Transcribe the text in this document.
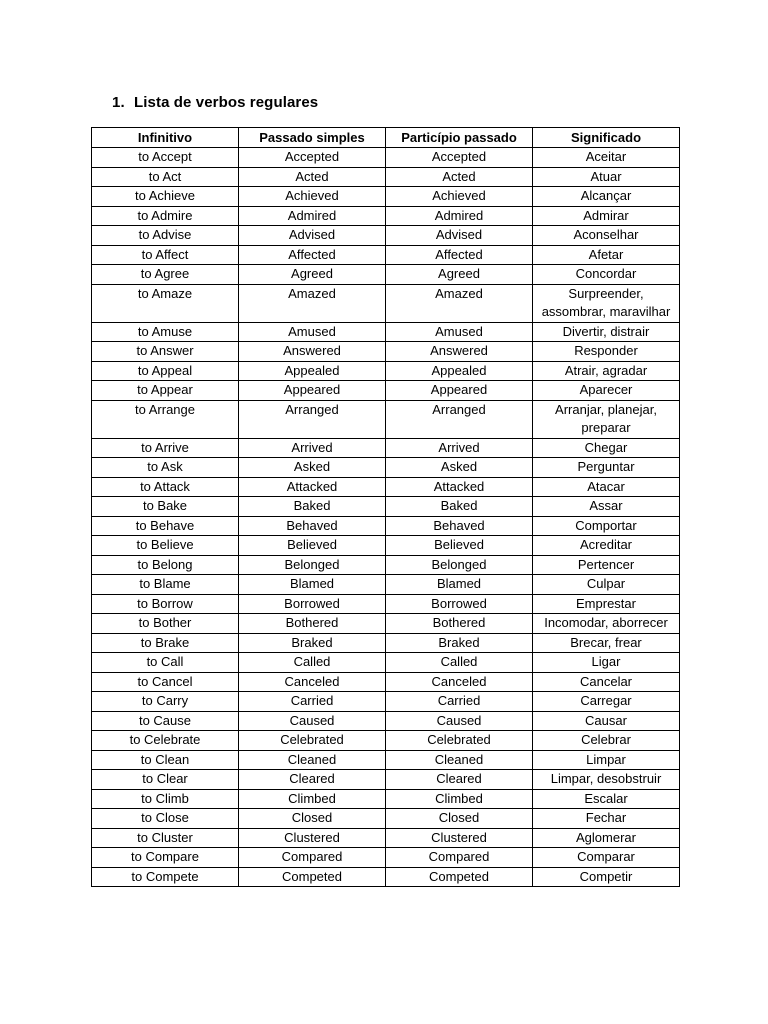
1. Lista de verbos regulares
Infinitivo	Passado simples	Particípio passado	Significado
to Accept	Accepted	Accepted	Aceitar
to Act	Acted	Acted	Atuar
to Achieve	Achieved	Achieved	Alcançar
to Admire	Admired	Admired	Admirar
to Advise	Advised	Advised	Aconselhar
to Affect	Affected	Affected	Afetar
to Agree	Agreed	Agreed	Concordar
to Amaze	Amazed	Amazed	Surpreender, assombrar, maravilhar
to Amuse	Amused	Amused	Divertir, distrair
to Answer	Answered	Answered	Responder
to Appeal	Appealed	Appealed	Atrair, agradar
to Appear	Appeared	Appeared	Aparecer
to Arrange	Arranged	Arranged	Arranjar, planejar, preparar
to Arrive	Arrived	Arrived	Chegar
to Ask	Asked	Asked	Perguntar
to Attack	Attacked	Attacked	Atacar
to Bake	Baked	Baked	Assar
to Behave	Behaved	Behaved	Comportar
to Believe	Believed	Believed	Acreditar
to Belong	Belonged	Belonged	Pertencer
to Blame	Blamed	Blamed	Culpar
to Borrow	Borrowed	Borrowed	Emprestar
to Bother	Bothered	Bothered	Incomodar, aborrecer
to Brake	Braked	Braked	Brecar, frear
to Call	Called	Called	Ligar
to Cancel	Canceled	Canceled	Cancelar
to Carry	Carried	Carried	Carregar
to Cause	Caused	Caused	Causar
to Celebrate	Celebrated	Celebrated	Celebrar
to Clean	Cleaned	Cleaned	Limpar
to Clear	Cleared	Cleared	Limpar, desobstruir
to Climb	Climbed	Climbed	Escalar
to Close	Closed	Closed	Fechar
to Cluster	Clustered	Clustered	Aglomerar
to Compare	Compared	Compared	Comparar
to Compete	Competed	Competed	Competir
